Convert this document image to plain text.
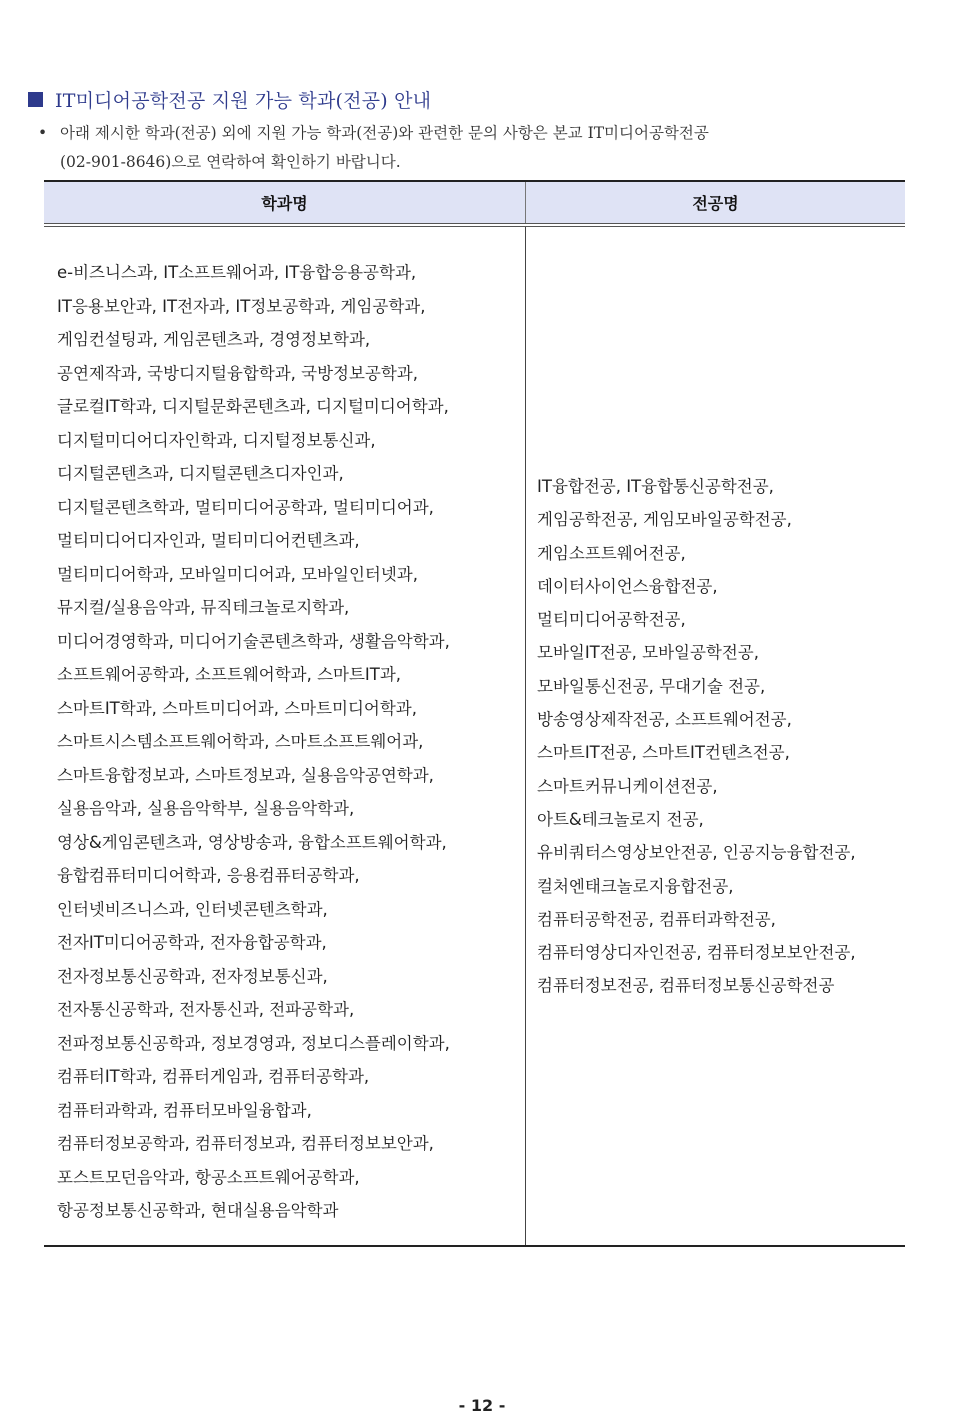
IT미디어공학전공 지원 가능 학과(전공) 안내
• 아래 제시한 학과(전공) 외에 지원 가능 학과(전공)와 관련한 문의 사항은 본교 IT미디어공학전공
(02-901-8646)으로 연락하여 확인하기 바랍니다.
학과명	전공명
e-비즈니스과, IT소프트웨어과, IT융합응용공학과,
IT응용보안과, IT전자과, IT정보공학과, 게임공학과,
게임컨설팅과, 게임콘텐츠과, 경영정보학과,
공연제작과, 국방디지털융합학과, 국방정보공학과,
글로컬IT학과, 디지털문화콘텐츠과, 디지털미디어학과,
디지털미디어디자인학과, 디지털정보통신과,
디지털콘텐츠과, 디지털콘텐츠디자인과,
디지털콘텐츠학과, 멀티미디어공학과, 멀티미디어과,
멀티미디어디자인과, 멀티미디어컨텐츠과,
멀티미디어학과, 모바일미디어과, 모바일인터넷과,
뮤지컬/실용음악과, 뮤직테크놀로지학과,
미디어경영학과, 미디어기술콘텐츠학과, 생활음악학과,
소프트웨어공학과, 소프트웨어학과, 스마트IT과,
스마트IT학과, 스마트미디어과, 스마트미디어학과,
스마트시스템소프트웨어학과, 스마트소프트웨어과,
스마트융합정보과, 스마트정보과, 실용음악공연학과,
실용음악과, 실용음악학부, 실용음악학과,
영상&게임콘텐츠과, 영상방송과, 융합소프트웨어학과,
융합컴퓨터미디어학과, 응용컴퓨터공학과,
인터넷비즈니스과, 인터넷콘텐츠학과,
전자IT미디어공학과, 전자융합공학과,
전자정보통신공학과, 전자정보통신과,
전자통신공학과, 전자통신과, 전파공학과,
전파정보통신공학과, 정보경영과, 정보디스플레이학과,
컴퓨터IT학과, 컴퓨터게임과, 컴퓨터공학과,
컴퓨터과학과, 컴퓨터모바일융합과,
컴퓨터정보공학과, 컴퓨터정보과, 컴퓨터정보보안과,
포스트모던음악과, 항공소프트웨어공학과,
항공정보통신공학과, 현대실용음악학과
IT융합전공, IT융합통신공학전공,
게임공학전공, 게임모바일공학전공,
게임소프트웨어전공,
데이터사이언스융합전공,
멀티미디어공학전공,
모바일IT전공, 모바일공학전공,
모바일통신전공, 무대기술 전공,
방송영상제작전공, 소프트웨어전공,
스마트IT전공, 스마트IT컨텐츠전공,
스마트커뮤니케이션전공,
아트&테크놀로지 전공,
유비쿼터스영상보안전공, 인공지능융합전공,
컬처엔태크놀로지융합전공,
컴퓨터공학전공, 컴퓨터과학전공,
컴퓨터영상디자인전공, 컴퓨터정보보안전공,
컴퓨터정보전공, 컴퓨터정보통신공학전공
- 12 -
